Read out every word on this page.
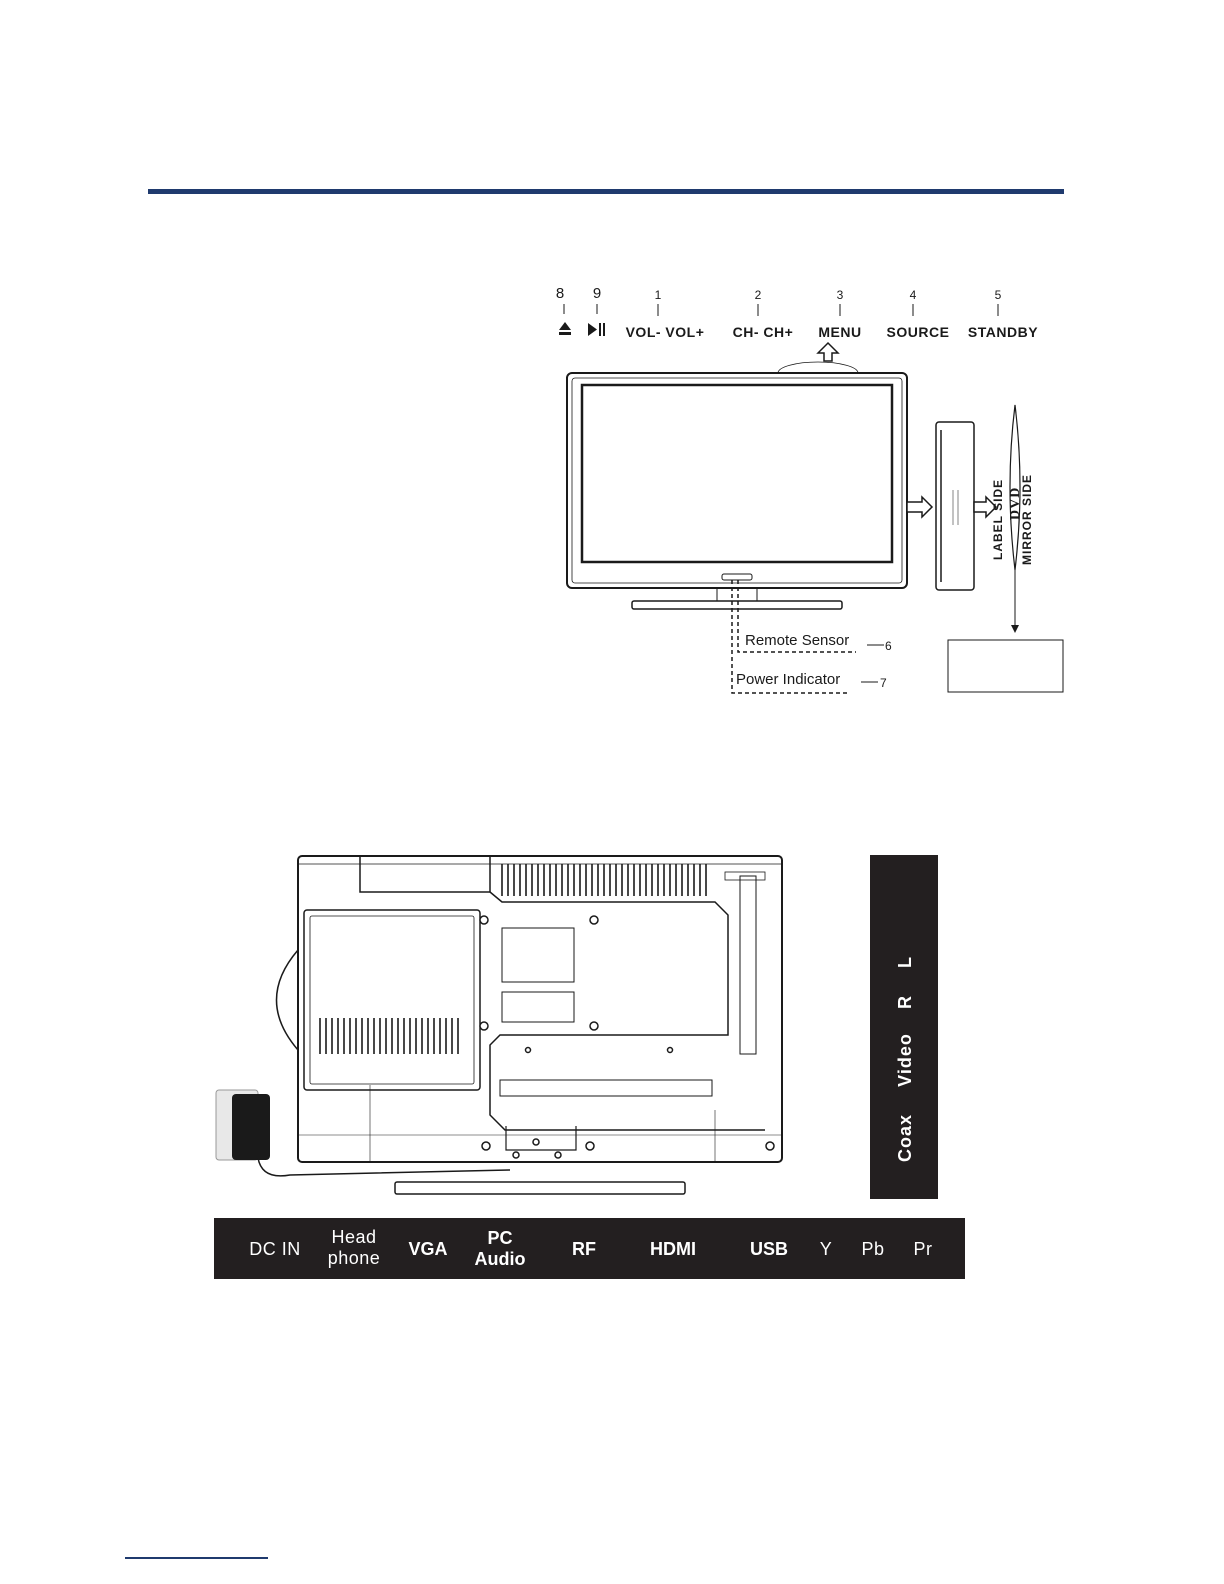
8 9	1	2	3	4	5
VOL- VOL+ CH- CH+ MENU SOURCE STANDBY
LABEL SIDE DVD
MIRROR SIDE
Remote Sensor	6
Power Indicator	7
Coax
Video
R
L
DC IN
Head
phone	VGA
PC
Audio	RF	HDMI	USB	Y	Pb	Pr
